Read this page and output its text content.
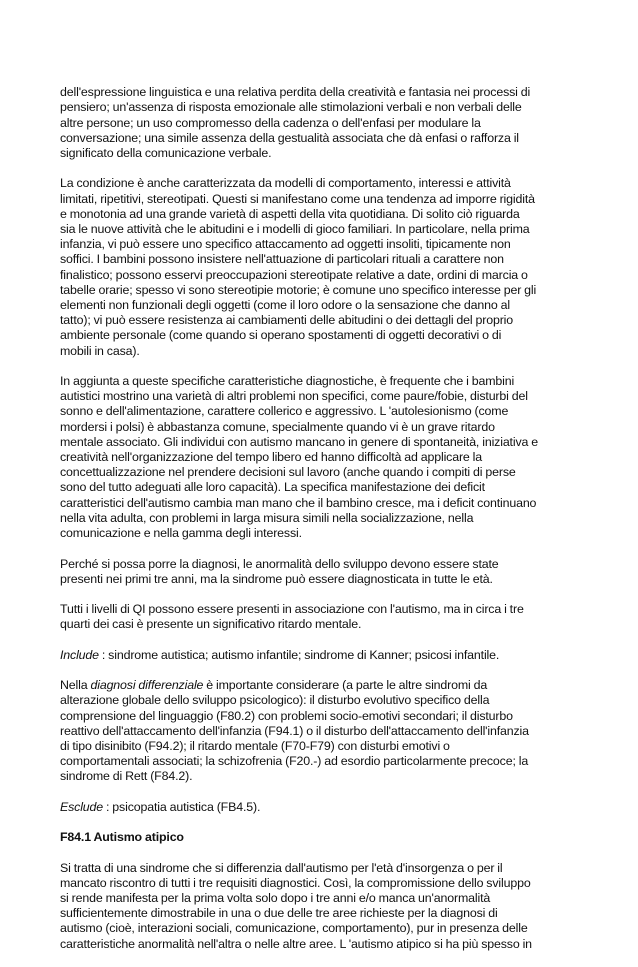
dell'espressione linguistica e una relativa perdita della creatività e fantasia nei processi di
pensiero; un'assenza di risposta emozionale alle stimolazioni verbali e non verbali delle
altre persone; un uso compromesso della cadenza o dell'enfasi per modulare la
conversazione; una simile assenza della gestualità associata che dà enfasi o rafforza il
significato della comunicazione verbale.

La condizione è anche caratterizzata da modelli di comportamento, interessi e attività
limitati, ripetitivi, stereotipati. Questi si manifestano come una tendenza ad imporre rigidità
e monotonia ad una grande varietà di aspetti della vita quotidiana. Di solito ciò riguarda
sia le nuove attività che le abitudini e i modelli di gioco familiari. In particolare, nella prima
infanzia, vi può essere uno specifico attaccamento ad oggetti insoliti, tipicamente non
soffici. I bambini possono insistere nell'attuazione di particolari rituali a carattere non
finalistico; possono esservi preoccupazioni stereotipate relative a date, ordini di marcia o
tabelle orarie; spesso vi sono stereotipie motorie; è comune uno specifico interesse per gli
elementi non funzionali degli oggetti (come il loro odore o la sensazione che danno al
tatto); vi può essere resistenza ai cambiamenti delle abitudini o dei dettagli del proprio
ambiente personale (come quando si operano spostamenti di oggetti decorativi o di
mobili in casa).

In aggiunta a queste specifiche caratteristiche diagnostiche, è frequente che i bambini
autistici mostrino una varietà di altri problemi non specifici, come paure/fobie, disturbi del
sonno e dell'alimentazione, carattere collerico e aggressivo. L 'autolesionismo (come
mordersi i polsi) è abbastanza comune, specialmente quando vi è un grave ritardo
mentale associato. Gli individui con autismo mancano in genere di spontaneità, iniziativa e
creatività nell'organizzazione del tempo libero ed hanno difficoltà ad applicare la
concettualizzazione nel prendere decisioni sul lavoro (anche quando i compiti di perse
sono del tutto adeguati alle loro capacità). La specifica manifestazione dei deficit
caratteristici dell'autismo cambia man mano che il bambino cresce, ma i deficit continuano
nella vita adulta, con problemi in larga misura simili nella socializzazione, nella
comunicazione e nella gamma degli interessi.

Perché si possa porre la diagnosi, le anormalità dello sviluppo devono essere state
presenti nei primi tre anni, ma la sindrome può essere diagnosticata in tutte le età.

Tutti i livelli di QI possono essere presenti in associazione con l'autismo, ma in circa i tre
quarti dei casi è presente un significativo ritardo mentale.

Include : sindrome autistica; autismo infantile; sindrome di Kanner; psicosi infantile.

Nella diagnosi differenziale è importante considerare (a parte le altre sindromi da
alterazione globale dello sviluppo psicologico): il disturbo evolutivo specifico della
comprensione del linguaggio (F80.2) con problemi socio-emotivi secondari; il disturbo
reattivo dell'attaccamento dell'infanzia (F94.1) o il disturbo dell'attaccamento dell'infanzia
di tipo disinibito (F94.2); il ritardo mentale (F70-F79) con disturbi emotivi o
comportamentali associati; la schizofrenia (F20.-) ad esordio particolarmente precoce; la
sindrome di Rett (F84.2).

Esclude : psicopatia autistica (FB4.5).

F84.1 Autismo atipico

Si tratta di una sindrome che si differenzia dall'autismo per l'età d'insorgenza o per il
mancato riscontro di tutti i tre requisiti diagnostici. Così, la compromissione dello sviluppo
si rende manifesta per la prima volta solo dopo i tre anni e/o manca un'anormalità
sufficientemente dimostrabile in una o due delle tre aree richieste per la diagnosi di
autismo (cioè, interazioni sociali, comunicazione, comportamento), pur in presenza delle
caratteristiche anormalità nell'altra o nelle altre aree. L 'autismo atipico si ha più spesso in
